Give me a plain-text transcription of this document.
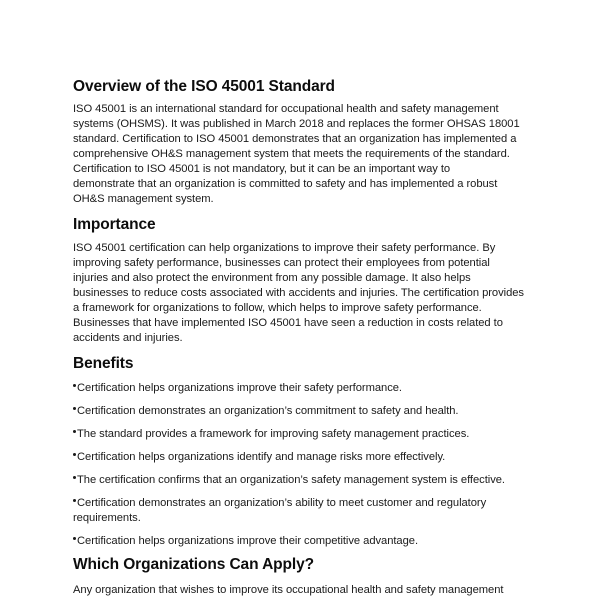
Overview of the ISO 45001 Standard
ISO 45001 is an international standard for occupational health and safety management
systems (OHSMS). It was published in March 2018 and replaces the former OHSAS 18001
standard. Certification to ISO 45001 demonstrates that an organization has implemented a
comprehensive OH&S management system that meets the requirements of the standard.
Certification to ISO 45001 is not mandatory, but it can be an important way to
demonstrate that an organization is committed to safety and has implemented a robust
OH&S management system.
Importance
ISO 45001 certification can help organizations to improve their safety performance. By
improving safety performance, businesses can protect their employees from potential
injuries and also protect the environment from any possible damage. It also helps
businesses to reduce costs associated with accidents and injuries. The certification provides
a framework for organizations to follow, which helps to improve safety performance.
Businesses that have implemented ISO 45001 have seen a reduction in costs related to
accidents and injuries.
Benefits
Certification helps organizations improve their safety performance.
Certification demonstrates an organization’s commitment to safety and health.
The standard provides a framework for improving safety management practices.
Certification helps organizations identify and manage risks more effectively.
The certification confirms that an organization’s safety management system is effective.
Certification demonstrates an organization’s ability to meet customer and regulatory
requirements.
Certification helps organizations improve their competitive advantage.
Which Organizations Can Apply?
Any organization that wishes to improve its occupational health and safety management
